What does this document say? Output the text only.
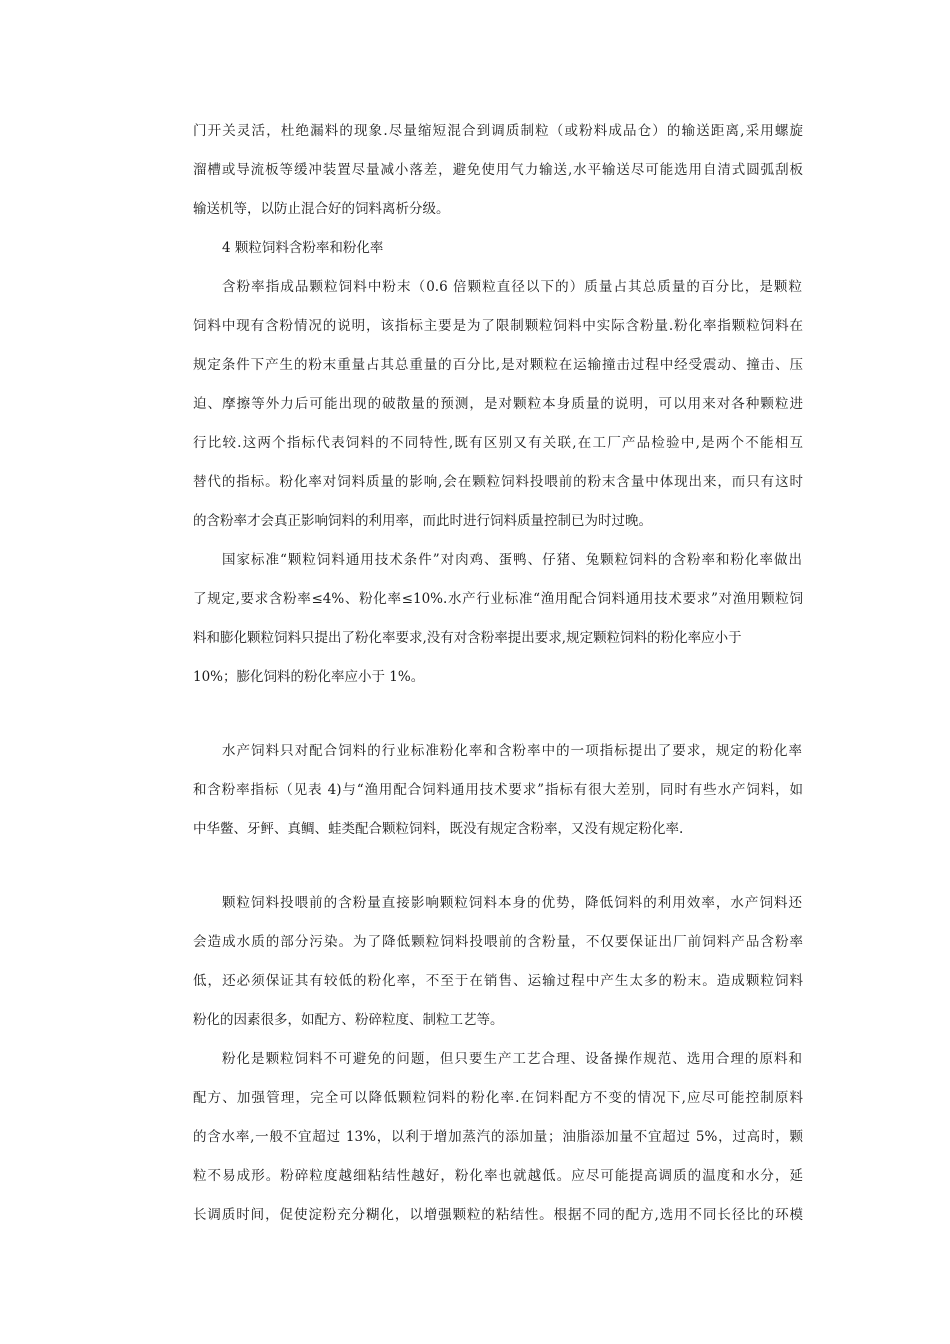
门开关灵活，杜绝漏料的现象.尽量缩短混合到调质制粒（或粉料成品仓）的输送距离,采用螺旋
溜槽或导流板等缓冲装置尽量减小落差，避免使用气力输送,水平输送尽可能选用自清式圆弧刮板
输送机等，以防止混合好的饲料离析分级。
4 颗粒饲料含粉率和粉化率
含粉率指成品颗粒饲料中粉末（0.6 倍颗粒直径以下的）质量占其总质量的百分比，是颗粒
饲料中现有含粉情况的说明，该指标主要是为了限制颗粒饲料中实际含粉量.粉化率指颗粒饲料在
规定条件下产生的粉末重量占其总重量的百分比,是对颗粒在运输撞击过程中经受震动、撞击、压
迫、摩擦等外力后可能出现的破散量的预测，是对颗粒本身质量的说明，可以用来对各种颗粒进
行比较.这两个指标代表饲料的不同特性,既有区别又有关联,在工厂产品检验中,是两个不能相互
替代的指标。粉化率对饲料质量的影响,会在颗粒饲料投喂前的粉末含量中体现出来，而只有这时
的含粉率才会真正影响饲料的利用率，而此时进行饲料质量控制已为时过晚。
国家标准“颗粒饲料通用技术条件”对肉鸡、蛋鸭、仔猪、兔颗粒饲料的含粉率和粉化率做出
了规定,要求含粉率≤4%、粉化率≤10%.水产行业标准“渔用配合饲料通用技术要求”对渔用颗粒饲
料和膨化颗粒饲料只提出了粉化率要求,没有对含粉率提出要求,规定颗粒饲料的粉化率应小于
10%；膨化饲料的粉化率应小于 1%。
水产饲料只对配合饲料的行业标准粉化率和含粉率中的一项指标提出了要求，规定的粉化率
和含粉率指标（见表 4)与“渔用配合饲料通用技术要求”指标有很大差别，同时有些水产饲料，如
中华鳖、牙鲆、真鲷、蛙类配合颗粒饲料，既没有规定含粉率，又没有规定粉化率.
颗粒饲料投喂前的含粉量直接影响颗粒饲料本身的优势，降低饲料的利用效率，水产饲料还
会造成水质的部分污染。为了降低颗粒饲料投喂前的含粉量，不仅要保证出厂前饲料产品含粉率
低，还必须保证其有较低的粉化率，不至于在销售、运输过程中产生太多的粉末。造成颗粒饲料
粉化的因素很多，如配方、粉碎粒度、制粒工艺等。
粉化是颗粒饲料不可避免的问题，但只要生产工艺合理、设备操作规范、选用合理的原料和
配方、加强管理，完全可以降低颗粒饲料的粉化率.在饲料配方不变的情况下,应尽可能控制原料
的含水率,一般不宜超过 13%，以利于增加蒸汽的添加量；油脂添加量不宜超过 5%，过高时，颗
粒不易成形。粉碎粒度越细粘结性越好，粉化率也就越低。应尽可能提高调质的温度和水分，延
长调质时间，促使淀粉充分糊化，以增强颗粒的粘结性。根据不同的配方,选用不同长径比的环模
